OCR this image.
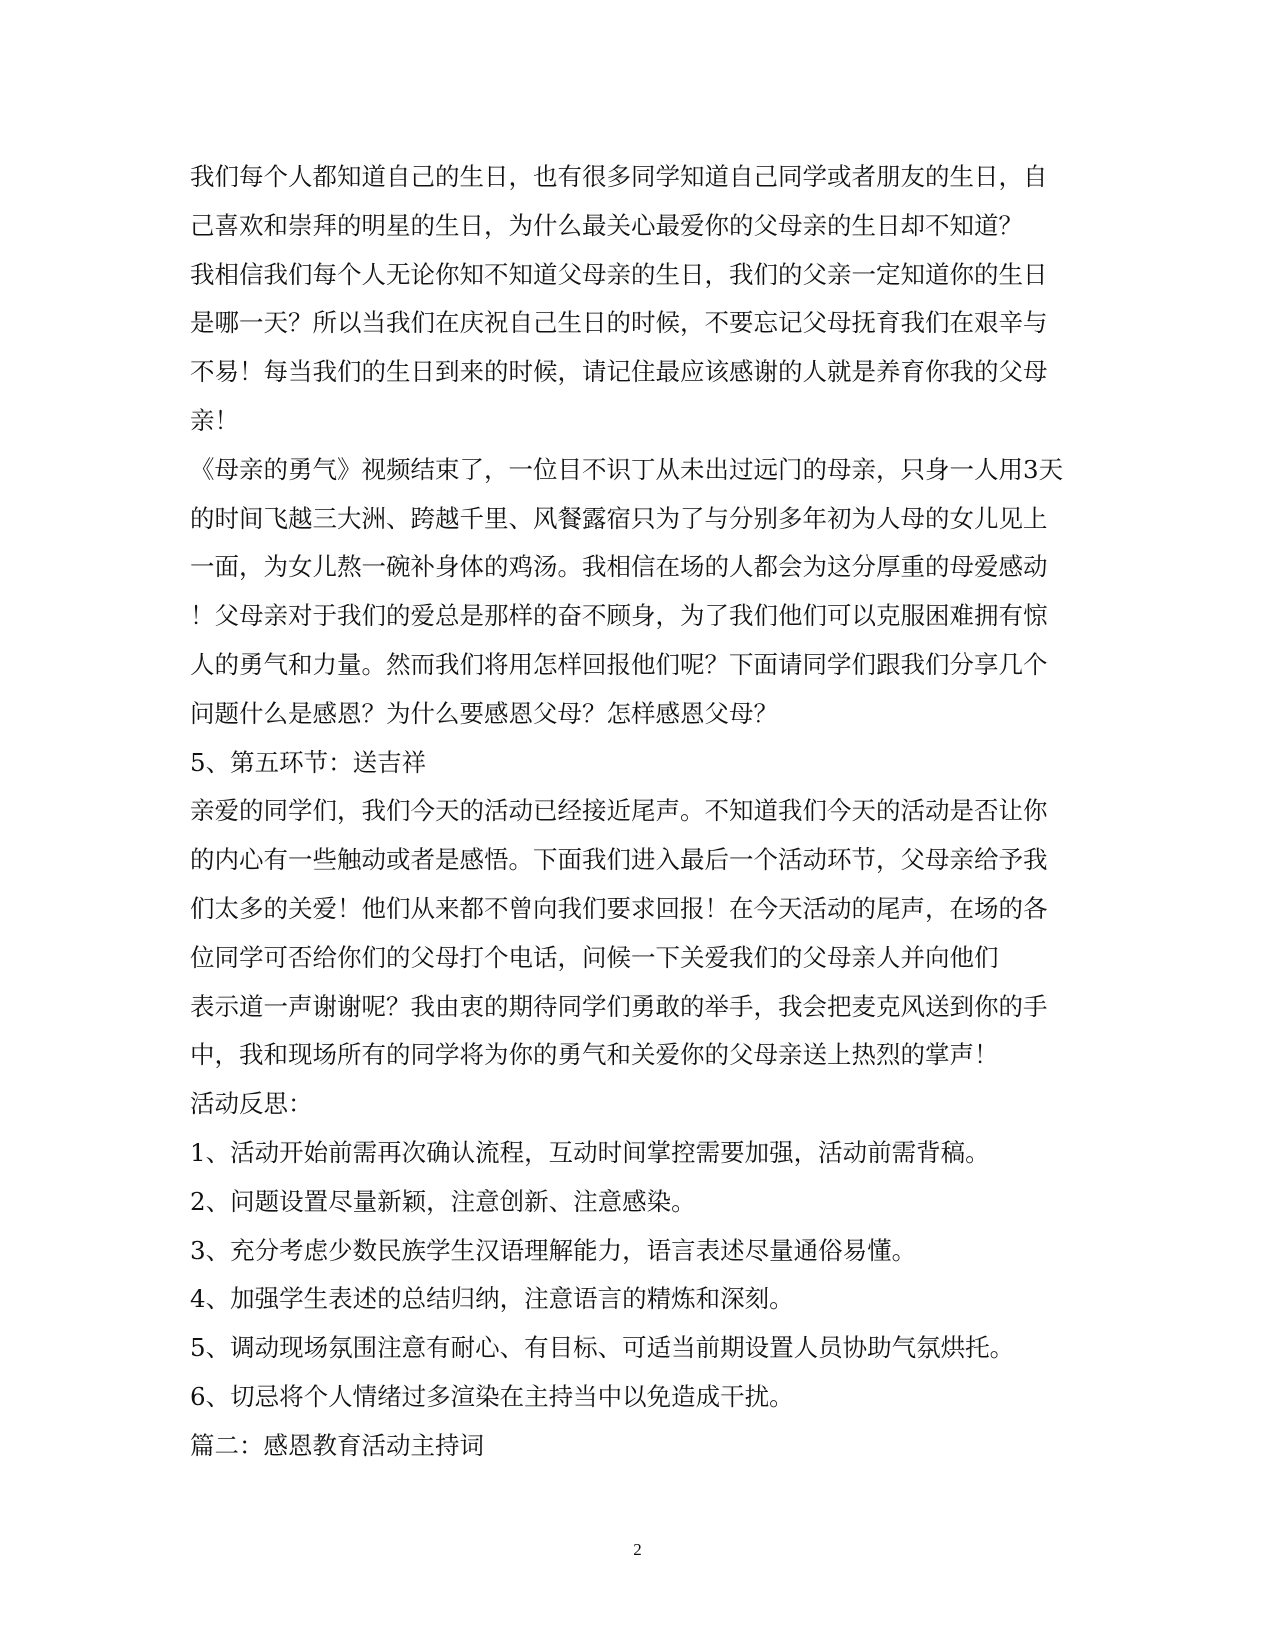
我们每个人都知道自己的生日，也有很多同学知道自己同学或者朋友的生日，自
己喜欢和崇拜的明星的生日，为什么最关心最爱你的父母亲的生日却不知道？
我相信我们每个人无论你知不知道父母亲的生日，我们的父亲一定知道你的生日
是哪一天？所以当我们在庆祝自己生日的时候，不要忘记父母抚育我们在艰辛与
不易！每当我们的生日到来的时候，请记住最应该感谢的人就是养育你我的父母
亲！
《母亲的勇气》视频结束了，一位目不识丁从未出过远门的母亲，只身一人用3天
的时间飞越三大洲、跨越千里、风餐露宿只为了与分别多年初为人母的女儿见上
一面，为女儿熬一碗补身体的鸡汤。我相信在场的人都会为这分厚重的母爱感动
！父母亲对于我们的爱总是那样的奋不顾身，为了我们他们可以克服困难拥有惊
人的勇气和力量。然而我们将用怎样回报他们呢？下面请同学们跟我们分享几个
问题什么是感恩？为什么要感恩父母？怎样感恩父母？
5、第五环节：送吉祥
亲爱的同学们，我们今天的活动已经接近尾声。不知道我们今天的活动是否让你
的内心有一些触动或者是感悟。下面我们进入最后一个活动环节，父母亲给予我
们太多的关爱！他们从来都不曾向我们要求回报！在今天活动的尾声，在场的各
位同学可否给你们的父母打个电话，问候一下关爱我们的父母亲人并向他们
表示道一声谢谢呢？我由衷的期待同学们勇敢的举手，我会把麦克风送到你的手
中，我和现场所有的同学将为你的勇气和关爱你的父母亲送上热烈的掌声！
活动反思：
1、活动开始前需再次确认流程，互动时间掌控需要加强，活动前需背稿。
2、问题设置尽量新颖，注意创新、注意感染。
3、充分考虑少数民族学生汉语理解能力，语言表述尽量通俗易懂。
4、加强学生表述的总结归纳，注意语言的精炼和深刻。
5、调动现场氛围注意有耐心、有目标、可适当前期设置人员协助气氛烘托。
6、切忌将个人情绪过多渲染在主持当中以免造成干扰。
篇二：感恩教育活动主持词
2
